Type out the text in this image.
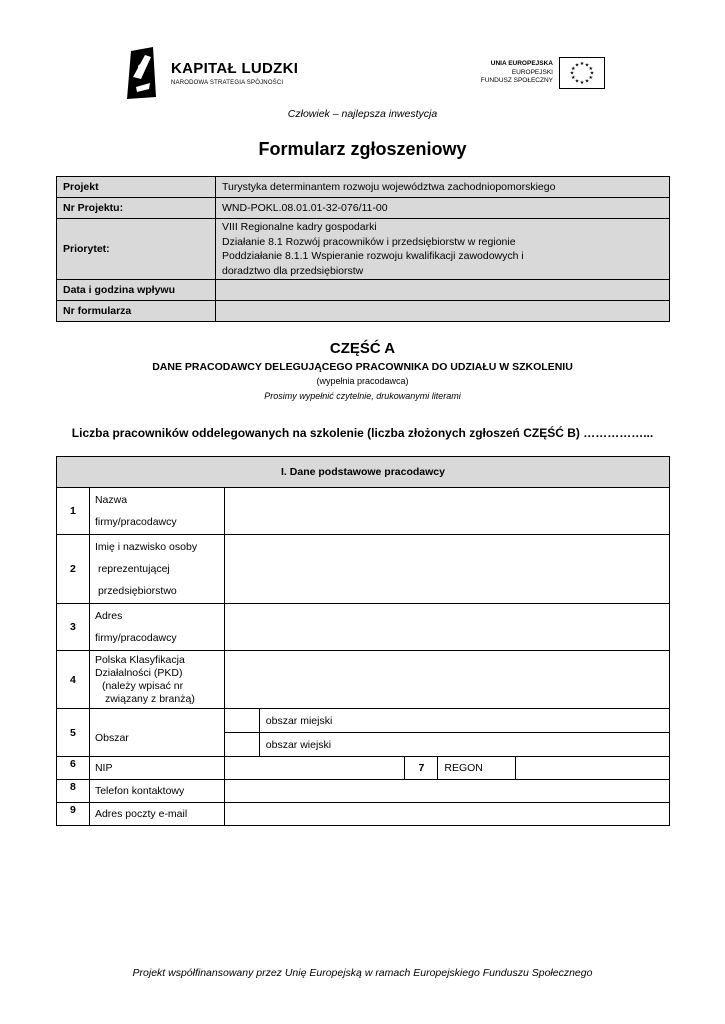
KAPITAŁ LUDZKI
NARODOWA STRATEGIA SPÓJNOŚCI
UNIA EUROPEJSKA
EUROPEJSKI
FUNDUSZ SPOŁECZNY
★ ★
★
★
★
★
★
★
★
★
★
★
Człowiek – najlepsza inwestycja
Formularz zgłoszeniowy
Projekt	Turystyka determinantem rozwoju województwa zachodniopomorskiego
Nr Projektu:	WND-POKL.08.01.01-32-076/11-00
Priorytet:	VIII Regionalne kadry gospodarki
Działanie 8.1 Rozwój pracowników i przedsiębiorstw w regionie
Poddziałanie 8.1.1 Wspieranie rozwoju kwalifikacji zawodowych i
doradztwo dla przedsiębiorstw

Data i godzina wpływu	
Nr formularza	
CZĘŚĆ A
DANE PRACODAWCY DELEGUJĄCEGO PRACOWNIKA DO UDZIAŁU W SZKOLENIU
(wypełnia pracodawca)
Prosimy wypełnić czytelnie, drukowanymi literami
Liczba pracowników oddelegowanych na szkolenie (liczba złożonych zgłoszeń CZĘŚĆ B) ……………...
I. Dane podstawowe pracodawcy						
1	Nazwa
firmy/pracodawcy					

2	Imię i nazwisko osoby
reprezentującej
przedsiębiorstwo					

3	Adres
firmy/pracodawcy					

4	Polska Klasyfikacja
Działalności (PKD)
(należy wpisać nr
związany z branżą)					

5	Obszar		obszar miejski			
			obszar wiejski			
6	NIP			7	REGON	
8	Telefon kontaktowy					
9	Adres poczty e-mail					
Projekt współfinansowany przez Unię Europejską w ramach Europejskiego Funduszu Społecznego
